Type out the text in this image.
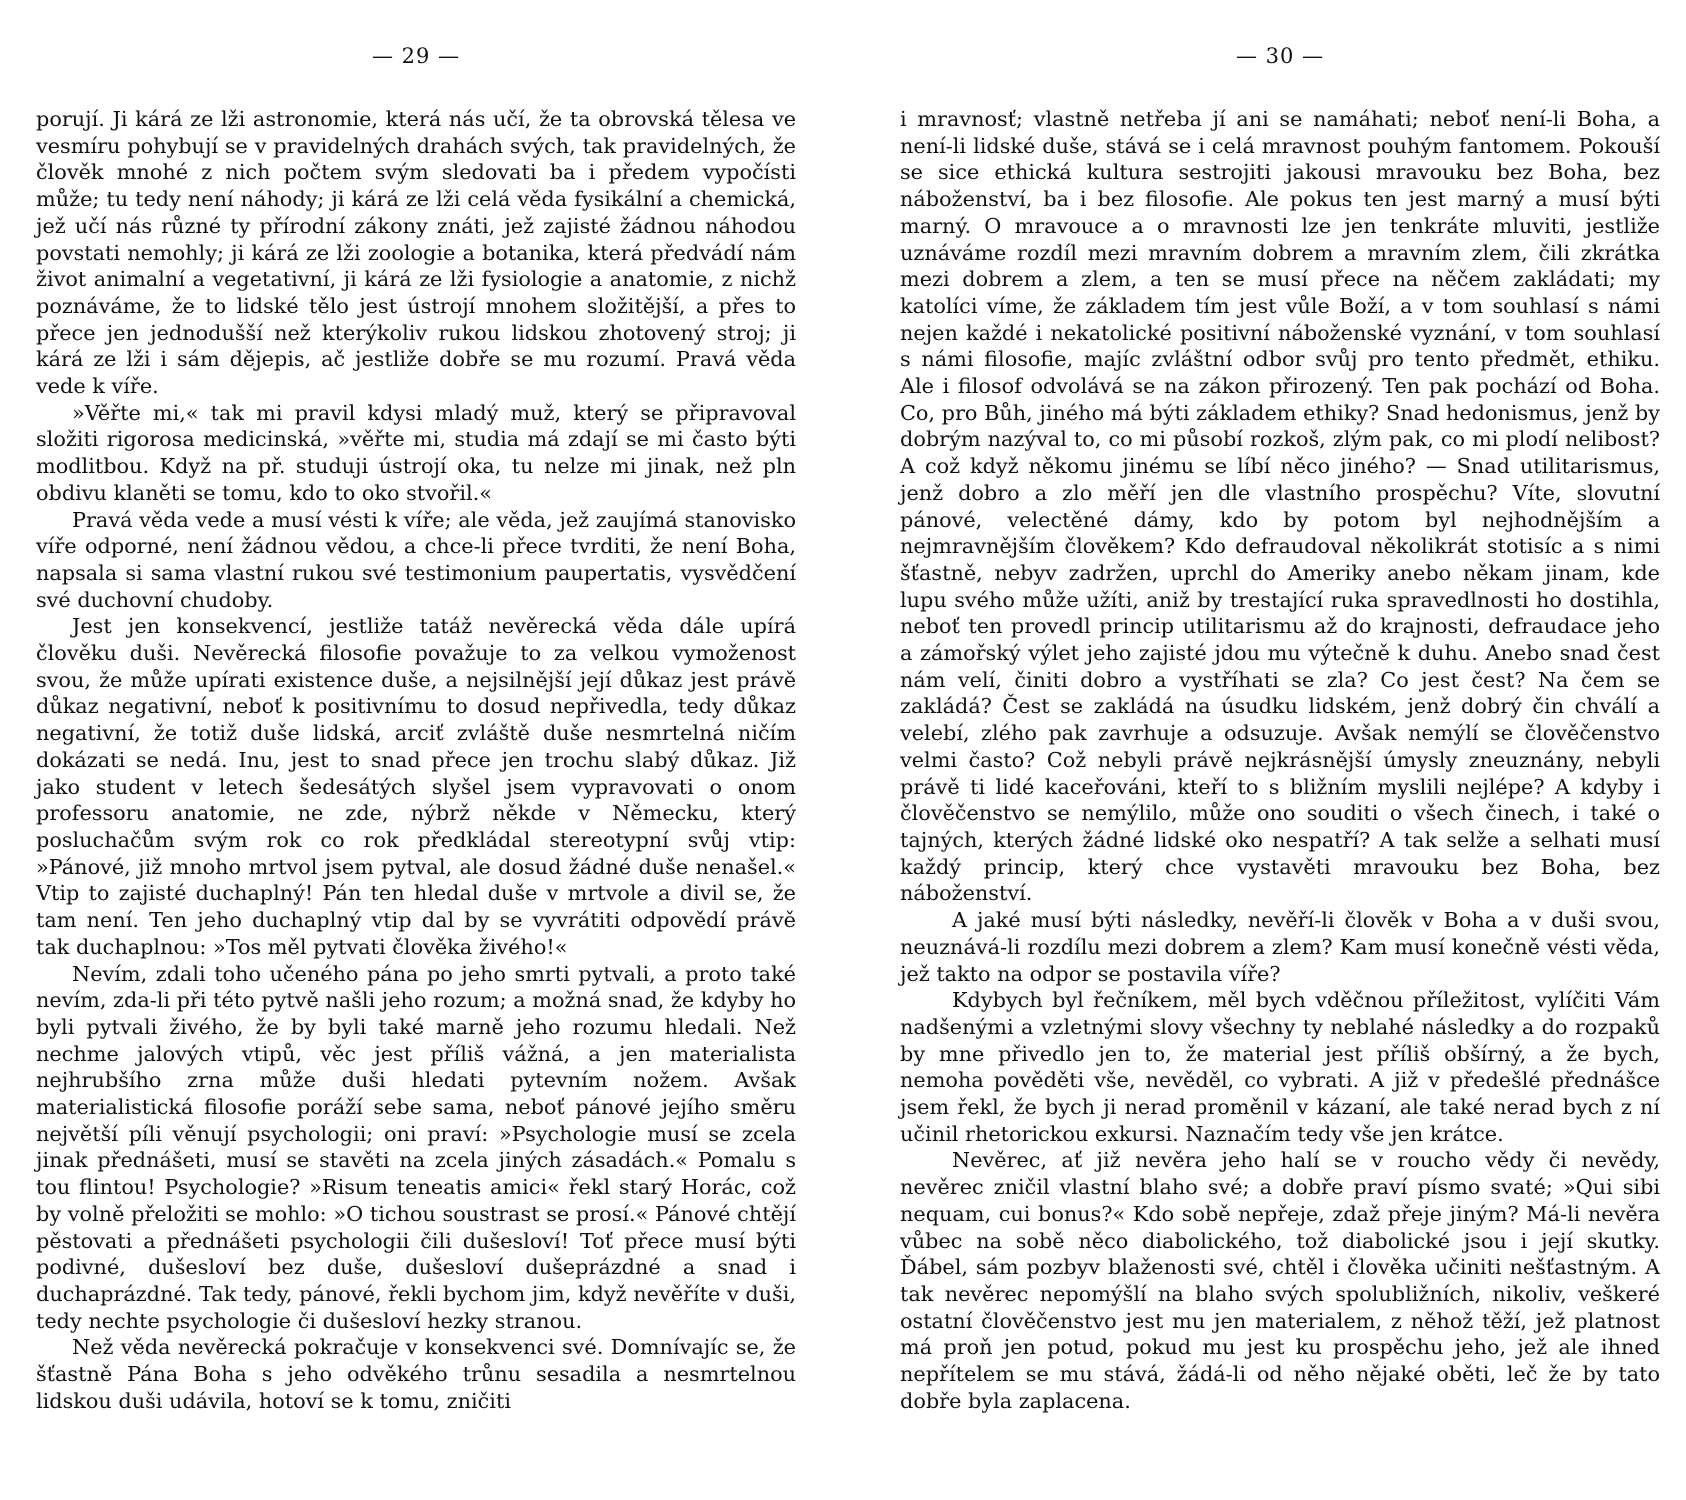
— 29 —

porují. Ji kárá ze lži astronomie, která nás učí, že ta obrovská tělesa ve vesmíru pohybují se v pravidelných drahách svých, tak pravidelných, že člověk mnohé z nich počtem svým sledovati ba i předem vypočísti může; tu tedy není náhody; ji kárá ze lži celá věda fysikální a chemická, jež učí nás různé ty přírodní zákony znáti, jež zajisté žádnou náhodou povstati nemohly; ji kárá ze lži zoologie a botanika, která předvádí nám život animalní a vegetativní, ji kárá ze lži fysiologie a anatomie, z nichž poznáváme, že to lidské tělo jest ústrojí mnohem složitější, a přes to přece jen jednodušší než kterýkoliv rukou lidskou zhotovený stroj; ji kárá ze lži i sám dějepis, ač jestliže dobře se mu rozumí. Pravá věda vede k víře.

»Věřte mi,« tak mi pravil kdysi mladý muž, který se připravoval složiti rigorosa medicinská, »věřte mi, studia má zdají se mi často býti modlitbou. Když na př. studuji ústrojí oka, tu nelze mi jinak, než pln obdivu klaněti se tomu, kdo to oko stvořil.«

Pravá věda vede a musí vésti k víře; ale věda, jež zaujímá stanovisko víře odporné, není žádnou vědou, a chce-li přece tvrditi, že není Boha, napsala si sama vlastní rukou své testimonium paupertatis, vysvědčení své duchovní chudoby.

Jest jen konsekvencí, jestliže tatáž nevěrecká věda dále upírá člověku duši. Nevěrecká filosofie považuje to za velkou vymoženost svou, že může upírati existence duše, a nejsilnější její důkaz jest právě důkaz negativní, neboť k positivnímu to dosud nepřivedla, tedy důkaz negativní, že totiž duše lidská, arciť zvláště duše nesmrtelná ničím dokázati se nedá. Inu, jest to snad přece jen trochu slabý důkaz. Již jako student v letech šedesátých slyšel jsem vypravovati o onom professoru anatomie, ne zde, nýbrž někde v Německu, který posluchačům svým rok co rok předkládal stereotypní svůj vtip: »Pánové, již mnoho mrtvol jsem pytval, ale dosud žádné duše nenašel.« Vtip to zajisté duchaplný! Pán ten hledal duše v mrtvole a divil se, že tam není. Ten jeho duchaplný vtip dal by se vyvrátiti odpovědí právě tak duchaplnou: »Tos měl pytvati člověka živého!«

Nevím, zdali toho učeného pána po jeho smrti pytvali, a proto také nevím, zda-li při této pytvě našli jeho rozum; a možná snad, že kdyby ho byli pytvali živého, že by byli také marně jeho rozumu hledali. Než nechme jalových vtipů, věc jest příliš vážná, a jen materialista nejhrubšího zrna může duši hledati pytevním nožem. Avšak materialistická filosofie poráží sebe sama, neboť pánové jejího směru největší píli věnují psychologii; oni praví: »Psychologie musí se zcela jinak přednášeti, musí se stavěti na zcela jiných zásadách.« Pomalu s tou flintou! Psychologie? »Risum teneatis amici« řekl starý Horác, což by volně přeložiti se mohlo: »O tichou soustrast se prosí.« Pánové chtějí pěstovati a přednášeti psychologii čili dušesloví! Toť přece musí býti podivné, dušesloví bez duše, dušesloví dušeprázdné a snad i duchaprázdné. Tak tedy, pánové, řekli bychom jim, když nevěříte v duši, tedy nechte psychologie či dušesloví hezky stranou.

Než věda nevěrecká pokračuje v konsekvenci své. Domnívajíc se, že šťastně Pána Boha s jeho odvěkého trůnu sesadila a nesmrtelnou lidskou duši udávila, hotoví se k tomu, zničiti

— 30 —

i mravnosť; vlastně netřeba jí ani se namáhati; neboť není-li Boha, a není-li lidské duše, stává se i celá mravnost pouhým fantomem. Pokouší se sice ethická kultura sestrojiti jakousi mravouku bez Boha, bez náboženství, ba i bez filosofie. Ale pokus ten jest marný a musí býti marný. O mravouce a o mravnosti lze jen tenkráte mluviti, jestliže uznáváme rozdíl mezi mravním dobrem a mravním zlem, čili zkrátka mezi dobrem a zlem, a ten se musí přece na něčem zakládati; my katolíci víme, že základem tím jest vůle Boží, a v tom souhlasí s námi nejen každé i nekatolické positivní náboženské vyznání, v tom souhlasí s námi filosofie, majíc zvláštní odbor svůj pro tento předmět, ethiku. Ale i filosof odvolává se na zákon přirozený. Ten pak pochází od Boha. Co, pro Bůh, jiného má býti základem ethiky? Snad hedonismus, jenž by dobrým nazýval to, co mi působí rozkoš, zlým pak, co mi plodí nelibost? A což když někomu jinému se líbí něco jiného? — Snad utilitarismus, jenž dobro a zlo měří jen dle vlastního prospěchu? Víte, slovutní pánové, velectěné dámy, kdo by potom byl nejhodnějším a nejmravnějším člověkem? Kdo defraudoval několikrát stotisíc a s nimi šťastně, nebyv zadržen, uprchl do Ameriky anebo někam jinam, kde lupu svého může užíti, aniž by trestající ruka spravedlnosti ho dostihla, neboť ten provedl princip utilitarismu až do krajnosti, defraudace jeho a zámořský výlet jeho zajisté jdou mu výtečně k duhu. Anebo snad čest nám velí, činiti dobro a vystříhati se zla? Co jest čest? Na čem se zakládá? Čest se zakládá na úsudku lidském, jenž dobrý čin chválí a velebí, zlého pak zavrhuje a odsuzuje. Avšak nemýlí se člověčenstvo velmi často? Což nebyli právě nejkrásnější úmysly zneuznány, nebyli právě ti lidé kaceřováni, kteří to s bližním myslili nejlépe? A kdyby i člověčenstvo se nemýlilo, může ono souditi o všech činech, i také o tajných, kterých žádné lidské oko nespatří? A tak selže a selhati musí každý princip, který chce vystavěti mravouku bez Boha, bez náboženství.

A jaké musí býti následky, nevěří-li člověk v Boha a v duši svou, neuznává-li rozdílu mezi dobrem a zlem? Kam musí konečně vésti věda, jež takto na odpor se postavila víře?

Kdybych byl řečníkem, měl bych vděčnou příležitost, vylíčiti Vám nadšenými a vzletnými slovy všechny ty neblahé následky a do rozpaků by mne přivedlo jen to, že material jest příliš obšírný, a že bych, nemoha pověděti vše, nevěděl, co vybrati. A již v předešlé přednášce jsem řekl, že bych ji nerad proměnil v kázaní, ale také nerad bych z ní učinil rhetorickou exkursi. Naznačím tedy vše jen krátce.

Nevěrec, ať již nevěra jeho halí se v roucho vědy či nevědy, nevěrec zničil vlastní blaho své; a dobře praví písmo svaté; »Qui sibi nequam, cui bonus?« Kdo sobě nepřeje, zdaž přeje jiným? Má-li nevěra vůbec na sobě něco diabolického, tož diabolické jsou i její skutky. Ďábel, sám pozbyv blaženosti své, chtěl i člověka učiniti nešťastným. A tak nevěrec nepomýšlí na blaho svých spolubližních, nikoliv, veškeré ostatní člověčenstvo jest mu jen materialem, z něhož těží, jež platnost má proň jen potud, pokud mu jest ku prospěchu jeho, jež ale ihned nepřítelem se mu stává, žádá-li od něho nějaké oběti, leč že by tato dobře byla zaplacena.
